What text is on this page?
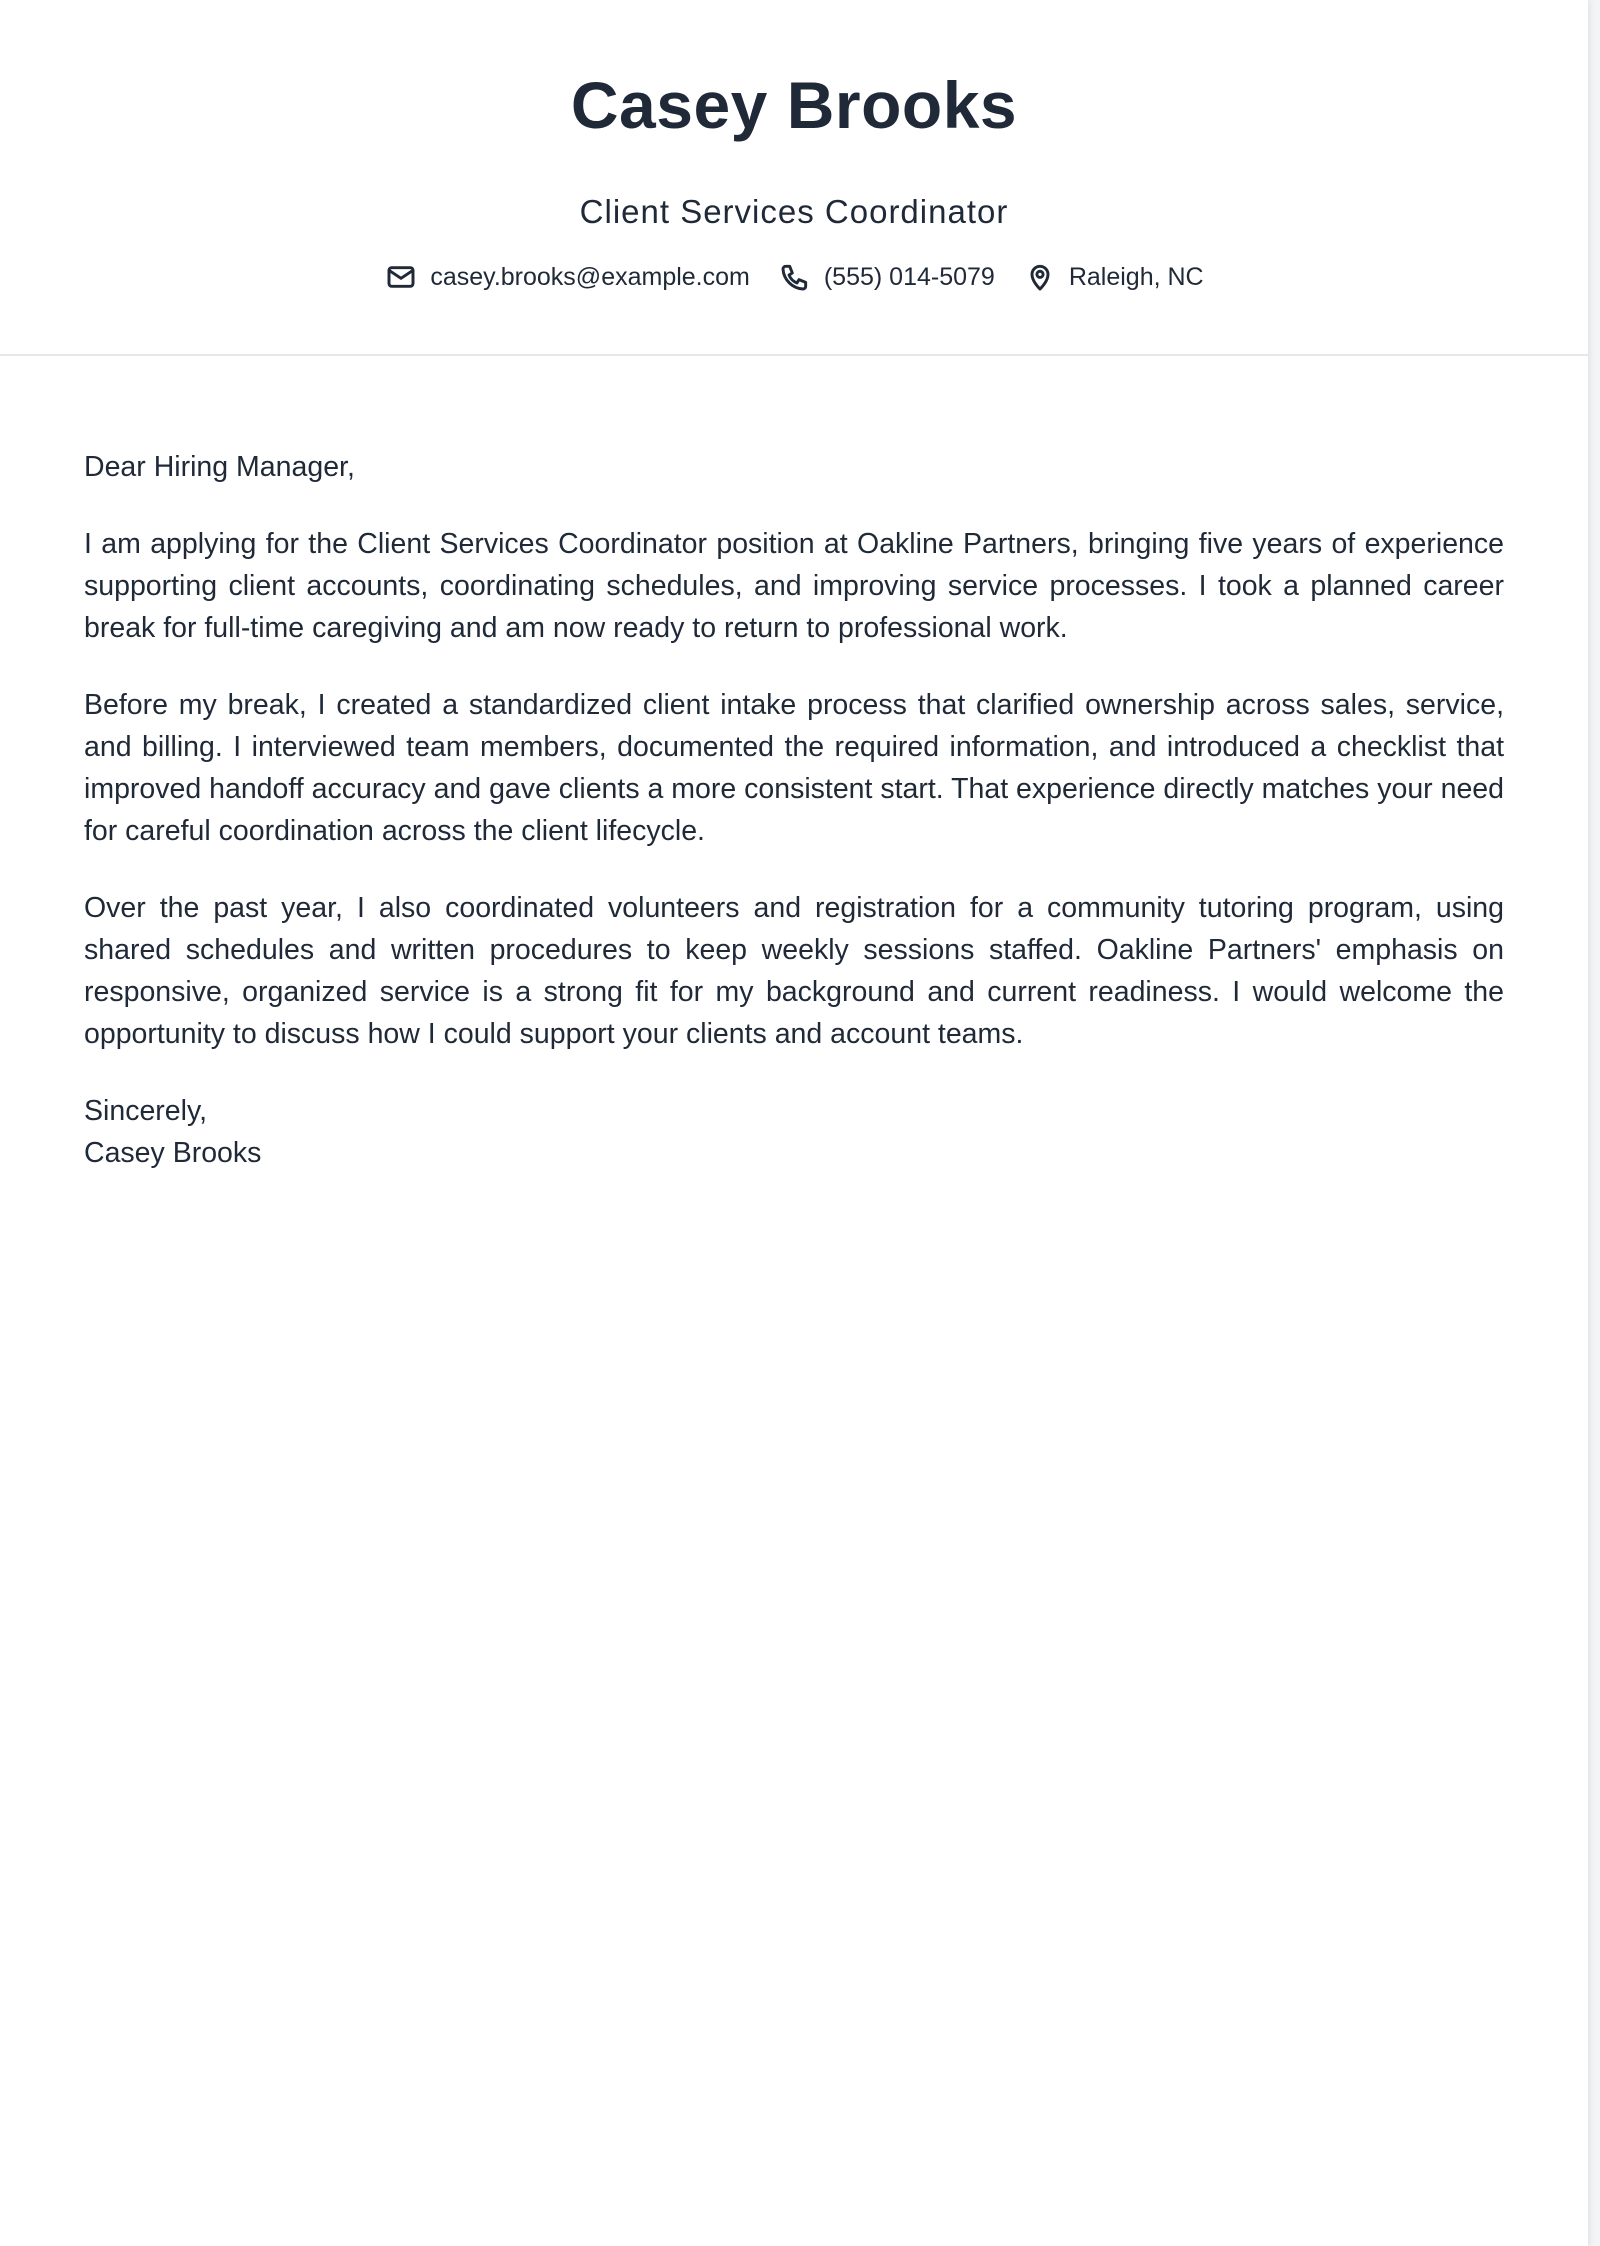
Casey Brooks
Client Services Coordinator
casey.brooks@example.com	(555) 014-5079	Raleigh, NC

Dear Hiring Manager,

I am applying for the Client Services Coordinator position at Oakline Partners, bringing five years of experience supporting client accounts, coordinating schedules, and improving service processes. I took a planned career break for full-time caregiving and am now ready to return to professional work.

Before my break, I created a standardized client intake process that clarified ownership across sales, service, and billing. I interviewed team members, documented the required information, and introduced a checklist that improved handoff accuracy and gave clients a more consistent start. That experience directly matches your need for careful coordination across the client lifecycle.

Over the past year, I also coordinated volunteers and registration for a community tutoring program, using shared schedules and written procedures to keep weekly sessions staffed. Oakline Partners' emphasis on responsive, organized service is a strong fit for my background and current readiness. I would welcome the opportunity to discuss how I could support your clients and account teams.

Sincerely,
Casey Brooks
